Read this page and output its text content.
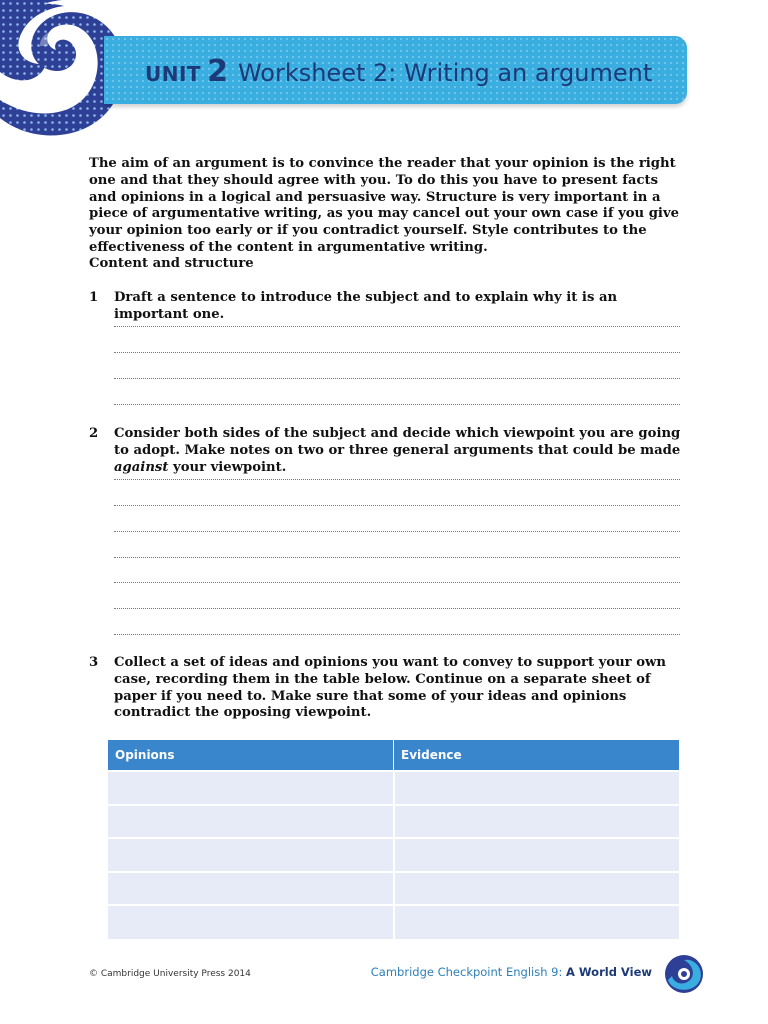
UNIT 2 Worksheet 2: Writing an argument

The aim of an argument is to convince the reader that your opinion is the right one and that they should agree with you. To do this you have to present facts and opinions in a logical and persuasive way. Structure is very important in a piece of argumentative writing, as you may cancel out your own case if you give your opinion too early or if you contradict yourself. Style contributes to the effectiveness of the content in argumentative writing.

Content and structure
1 Draft a sentence to introduce the subject and to explain why it is an important one.
2 Consider both sides of the subject and decide which viewpoint you are going to adopt. Make notes on two or three general arguments that could be made against your viewpoint.
3 Collect a set of ideas and opinions you want to convey to support your own case, recording them in the table below. Continue on a separate sheet of paper if you need to. Make sure that some of your ideas and opinions contradict the opposing viewpoint.
Opinions	Evidence

© Cambridge University Press 2014	Cambridge Checkpoint English 9: A World View
